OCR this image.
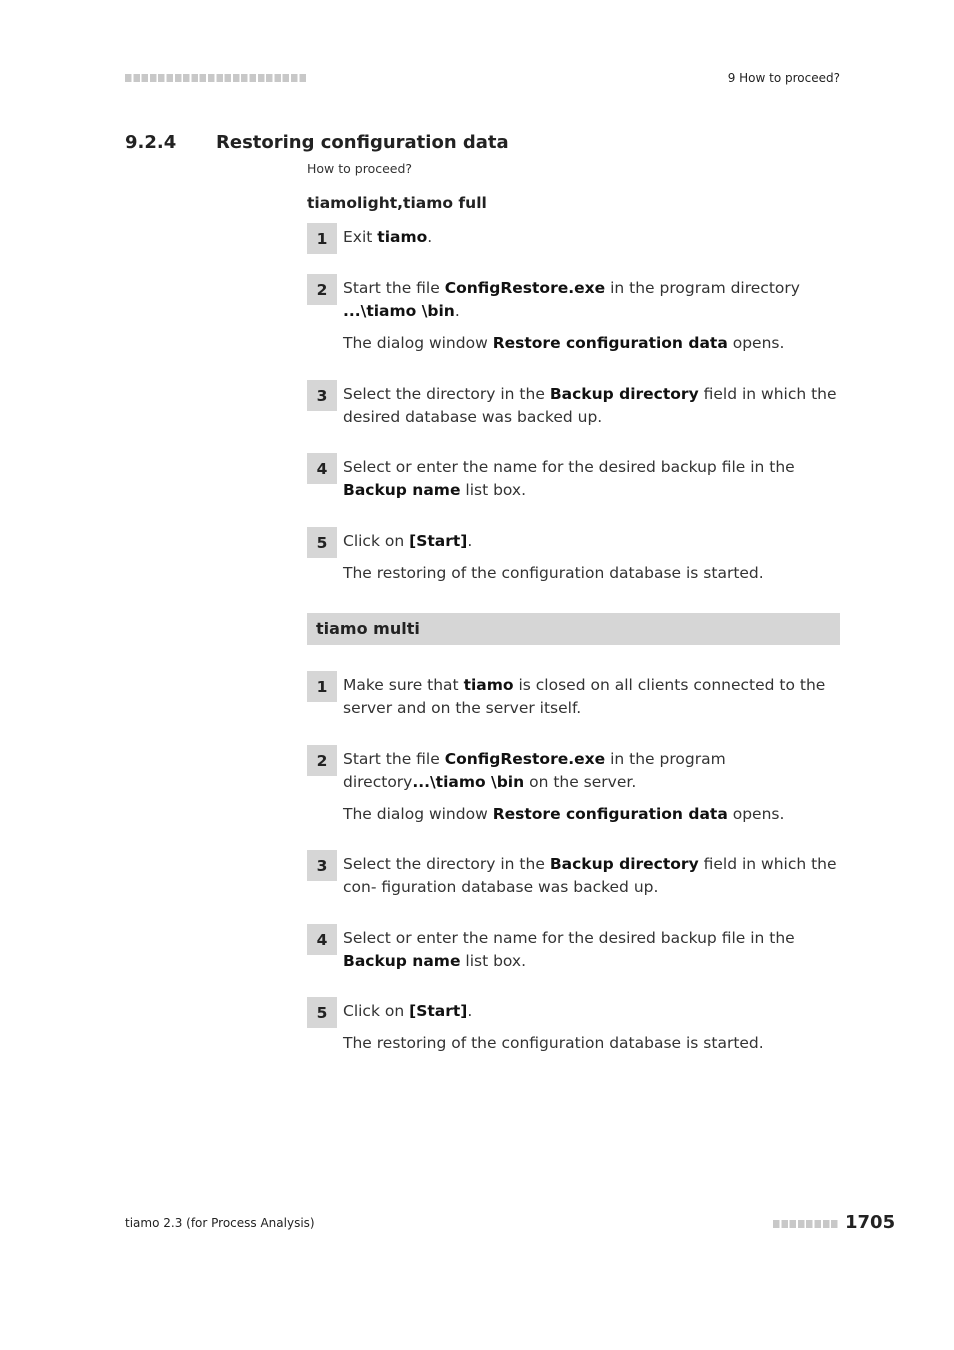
9 How to proceed?
9.2.4 Restoring configuration data
How to proceed?
tiamolight,tiamo full
1	Exit tiamo.
2	Start the file ConfigRestore.exe in the program directory ...\tiamo \bin.
The dialog window Restore configuration data opens.
3	Select the directory in the Backup directory field in which the desired database was backed up.
4	Select or enter the name for the desired backup file in the Backup name list box.
5	Click on [Start].
The restoring of the configuration database is started.
tiamo multi
1	Make sure that tiamo is closed on all clients connected to the server and on the server itself.
2	Start the file ConfigRestore.exe in the program directory...\tiamo \bin on the server.
The dialog window Restore configuration data opens.
3	Select the directory in the Backup directory field in which the con- figuration database was backed up.
4	Select or enter the name for the desired backup file in the Backup name list box.
5	Click on [Start].
The restoring of the configuration database is started.
tiamo 2.3 (for Process Analysis)	1705
